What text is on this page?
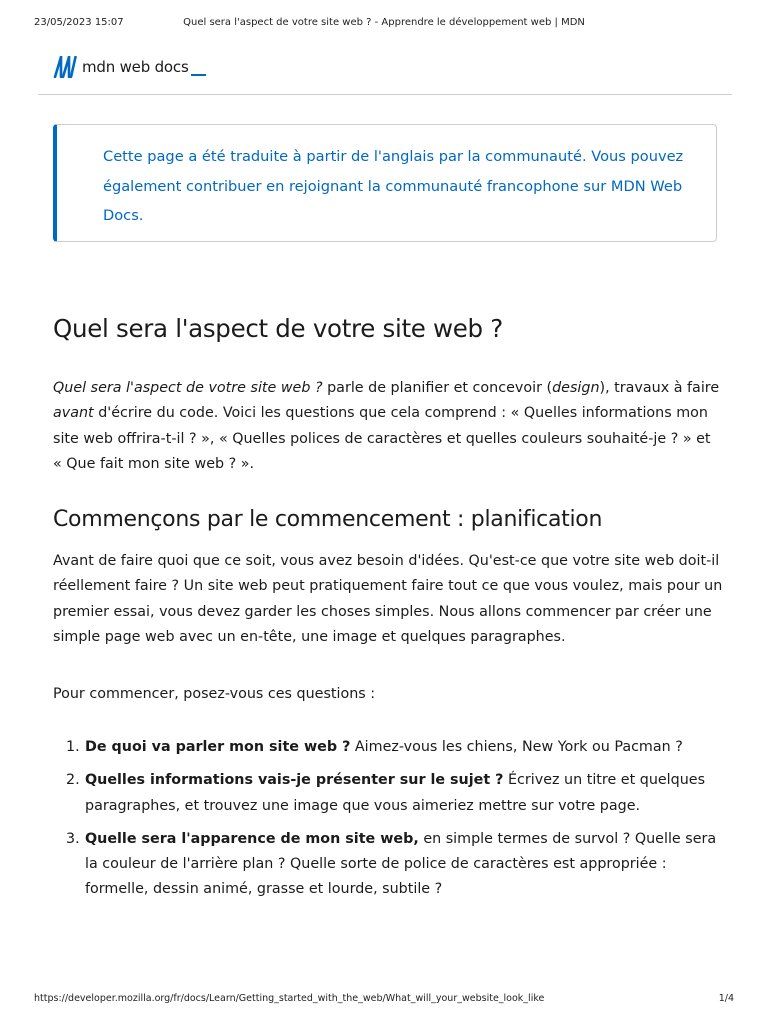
23/05/2023 15:07	Quel sera l'aspect de votre site web ? - Apprendre le développement web | MDN
mdn web docs

Cette page a été traduite à partir de l'anglais par la communauté. Vous pouvez également contribuer en rejoignant la communauté francophone sur MDN Web Docs.

Quel sera l'aspect de votre site web ?

Quel sera l'aspect de votre site web ? parle de planifier et concevoir (design), travaux à faire avant d'écrire du code. Voici les questions que cela comprend : « Quelles informations mon site web offrira-t-il ? », « Quelles polices de caractères et quelles couleurs souhaité-je ? » et « Que fait mon site web ? ».

Commençons par le commencement : planification

Avant de faire quoi que ce soit, vous avez besoin d'idées. Qu'est-ce que votre site web doit-il réellement faire ? Un site web peut pratiquement faire tout ce que vous voulez, mais pour un premier essai, vous devez garder les choses simples. Nous allons commencer par créer une simple page web avec un en-tête, une image et quelques paragraphes.

Pour commencer, posez-vous ces questions :

1. De quoi va parler mon site web ? Aimez-vous les chiens, New York ou Pacman ?
2. Quelles informations vais-je présenter sur le sujet ? Écrivez un titre et quelques paragraphes, et trouvez une image que vous aimeriez mettre sur votre page.
3. Quelle sera l'apparence de mon site web, en simple termes de survol ? Quelle sera la couleur de l'arrière plan ? Quelle sorte de police de caractères est appropriée : formelle, dessin animé, grasse et lourde, subtile ?
https://developer.mozilla.org/fr/docs/Learn/Getting_started_with_the_web/What_will_your_website_look_like	1/4
